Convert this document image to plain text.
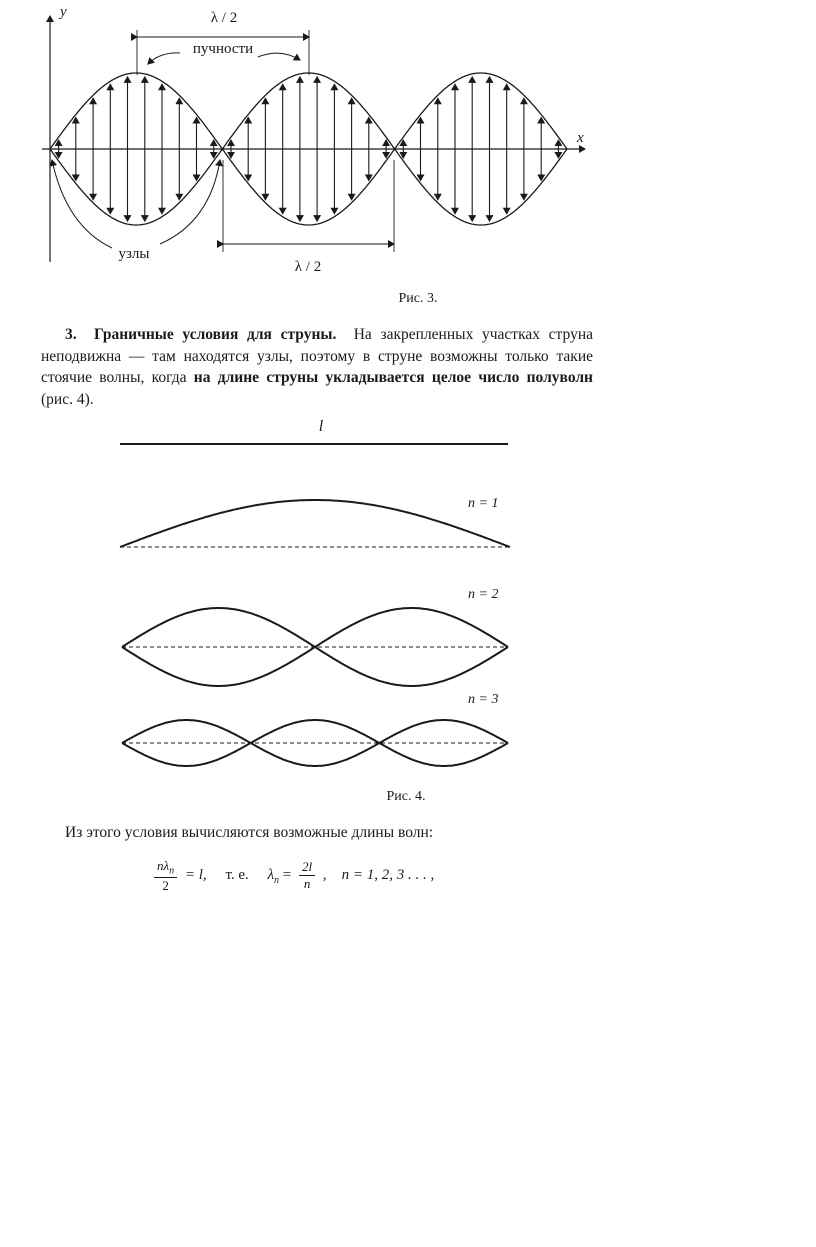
y
x
λ / 2
пучности
λ / 2
узлы
Рис. 3.

3. Граничные условия для струны. На закрепленных участках струна неподвижна — там находятся узлы, поэтому в струне возможны только такие стоячие волны, когда на длине струны укладывается целое число полуволн (рис. 4).

l
n = 1
n = 2
n = 3
Рис. 4.

Из этого условия вычисляются возможные длины волн:

$\frac{n\lambda_n}{2} = l$, т. е. $\lambda_n = \frac{2l}{n}$ ,    n = 1, 2, 3 . . . ,
